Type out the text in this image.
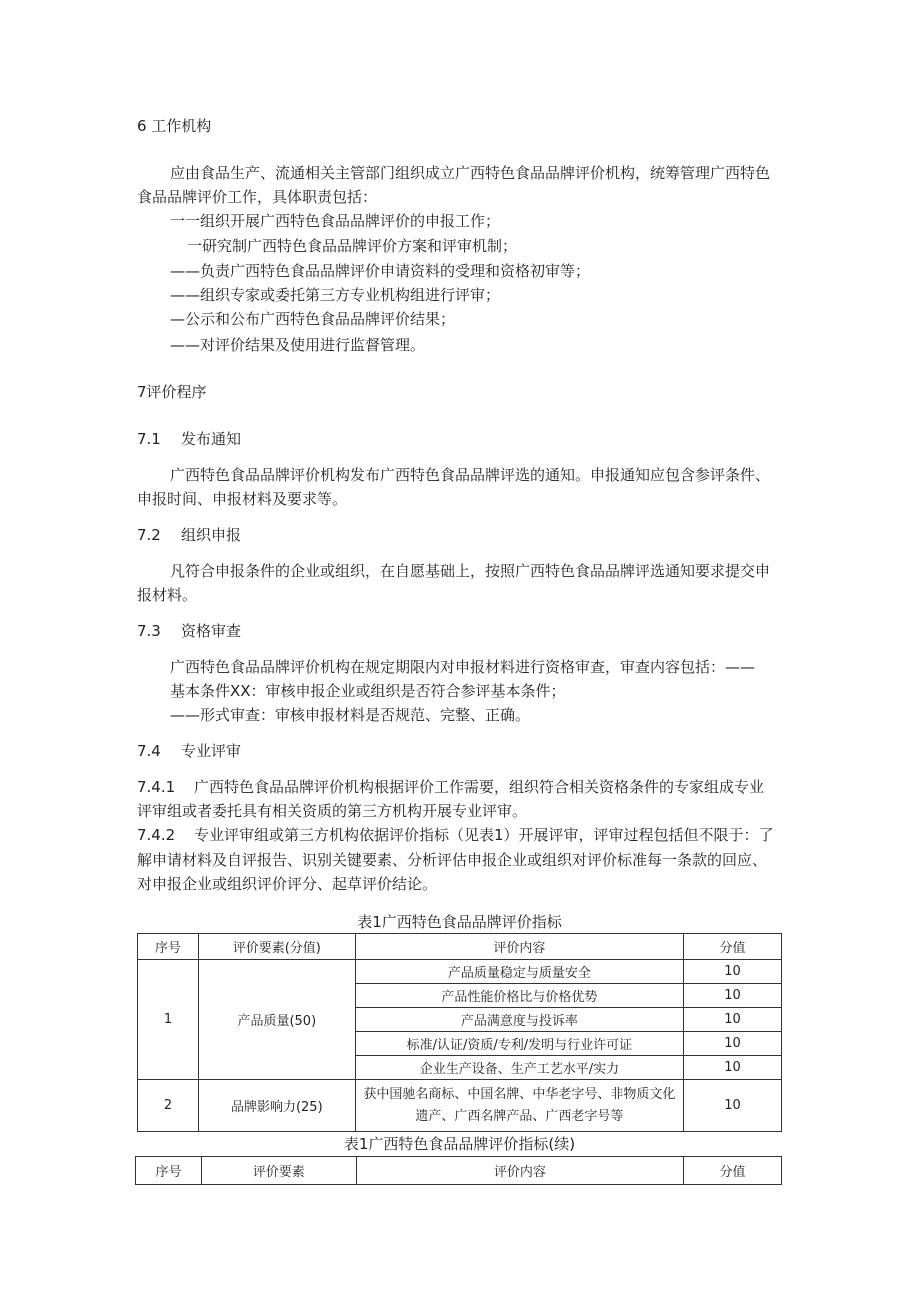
6 工作机构

应由食品生产、流通相关主管部门组织成立广西特色食品品牌评价机构，统筹管理广西特色

食品品牌评价工作，具体职责包括：

一一组织开展广西特色食品品牌评价的申报工作；

一研究制广西特色食品品牌评价方案和评审机制；

——负责广西特色食品品牌评价申请资料的受理和资格初审等；

——组织专家或委托第三方专业机构组进行评审；

—公示和公布广西特色食品品牌评价结果；

——对评价结果及使用进行监督管理。

7评价程序

7.1 发布通知

广西特色食品品牌评价机构发布广西特色食品品牌评选的通知。申报通知应包含参评条件、

申报时间、申报材料及要求等。

7.2 组织申报

凡符合申报条件的企业或组织，在自愿基础上，按照广西特色食品品牌评选通知要求提交申

报材料。

7.3 资格审查

广西特色食品品牌评价机构在规定期限内对申报材料进行资格审查，审查内容包括：——

基本条件XX：审核申报企业或组织是否符合参评基本条件；

——形式审查：审核申报材料是否规范、完整、正确。

7.4 专业评审

7.4.1 广西特色食品品牌评价机构根据评价工作需要，组织符合相关资格条件的专家组成专业

评审组或者委托具有相关资质的第三方机构开展专业评审。

7.4.2 专业评审组或第三方机构依据评价指标（见表1）开展评审，评审过程包括但不限于：了

解申请材料及自评报告、识别关键要素、分析评估申报企业或组织对评价标准每一条款的回应、

对申报企业或组织评价评分、起草评价结论。

表1广西特色食品品牌评价指标
序号	评价要素(分值)	评价内容	分值
1	产品质量(50)	产品质量稳定与质量安全	10
		产品性能价格比与价格优势	10
		产品满意度与投诉率	10
		标准/认证/资质/专利/发明与行业许可证	10
		企业生产设备、生产工艺水平/实力	10
2	品牌影响力(25)	获中国驰名商标、中国名牌、中华老字号、非物质文化
遗产、广西名牌产品、广西老字号等	10
表1广西特色食品品牌评价指标(续)
序号	评价要素	评价内容	分值
